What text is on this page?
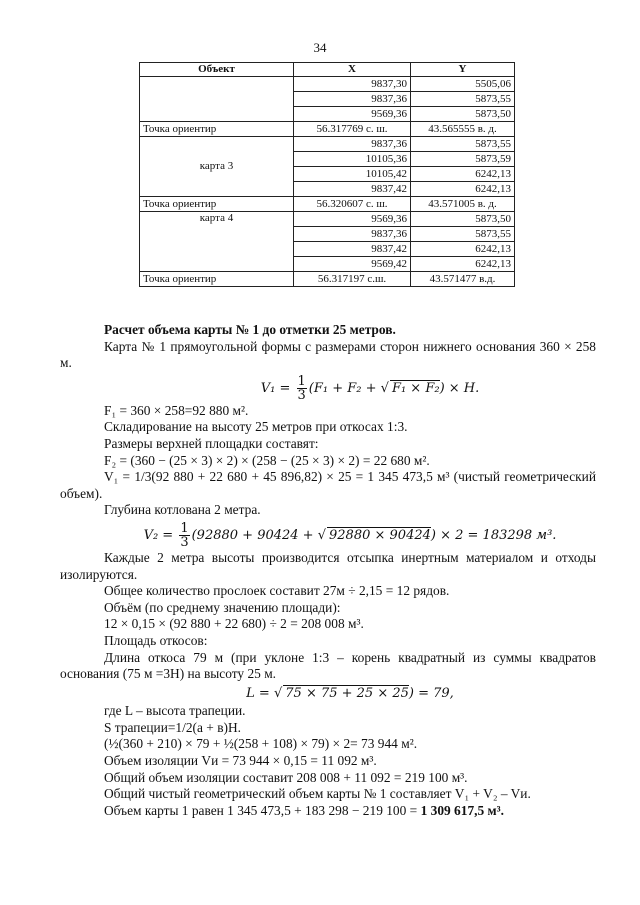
34
Объект	X	Y
	9837,30	5505,06
	9837,36	5873,55
	9569,36	5873,50
Точка ориентир	56.317769 с. ш.	43.565555 в. д.
карта 3	9837,36	5873,55
	10105,36	5873,59
	10105,42	6242,13
	9837,42	6242,13
Точка ориентир	56.320607 с. ш.	43.571005 в. д.
карта 4	9569,36	5873,50
	9837,36	5873,55
	9837,42	6242,13
	9569,42	6242,13
Точка ориентир	56.317197 с.ш.	43.571477 в.д.

Расчет объема карты № 1 до отметки 25 метров.

Карта № 1 прямоугольной формы с размерами сторон нижнего основания 360 × 258 м.

$V_1 = \frac{1}{3} (F_1 + F_2$ + √ F₁ × F₂) × H.

F₁ = 360 × 258=92 880 м².

Складирование на высоту 25 метров при откосах 1:3.

Размеры верхней площадки составят:

F₂ = (360 − (25 × 3) × 2) × (258 − (25 × 3) × 2) = 22 680 м².

V₁ = 1/3(92 880 + 22 680 + 45 896,82) × 25 = 1 345 473,5 м³ (чистый геометрический объем).

Глубина котлована 2 метра.

$V_2 = \frac{1}{3} (92880 + 90424$ + √ 92880 × 90424) × 2 = 183298 м³.

Каждые 2 метра высоты производится отсыпка инертным материалом и отходы изолируются.

Общее количество прослоек составит 27м ÷ 2,15 = 12 рядов.

Объём (по среднему значению площади):

12 × 0,15 × (92 880 + 22 680) ÷ 2 = 208 008 м³.

Площадь откосов:

Длина откоса 79 м (при уклоне 1:3 – корень квадратный из суммы квадратов основания (75 м =3Н) на высоту 25 м.

L = √ 75 × 75 + 25 × 25) = 79,

где L – высота трапеции.

S трапеции=1/2(а + в)Н.

(½(360 + 210) × 79 + ½(258 + 108) × 79) × 2= 73 944 м².

Объем изоляции Vи = 73 944 × 0,15 = 11 092 м³.

Общий объем изоляции составит 208 008 + 11 092 = 219 100 м³.

Общий чистый геометрический объем карты № 1 составляет V₁ + V₂ – Vи.

Объем карты 1 равен 1 345 473,5 + 183 298 − 219 100 = 1 309 617,5 м³.
